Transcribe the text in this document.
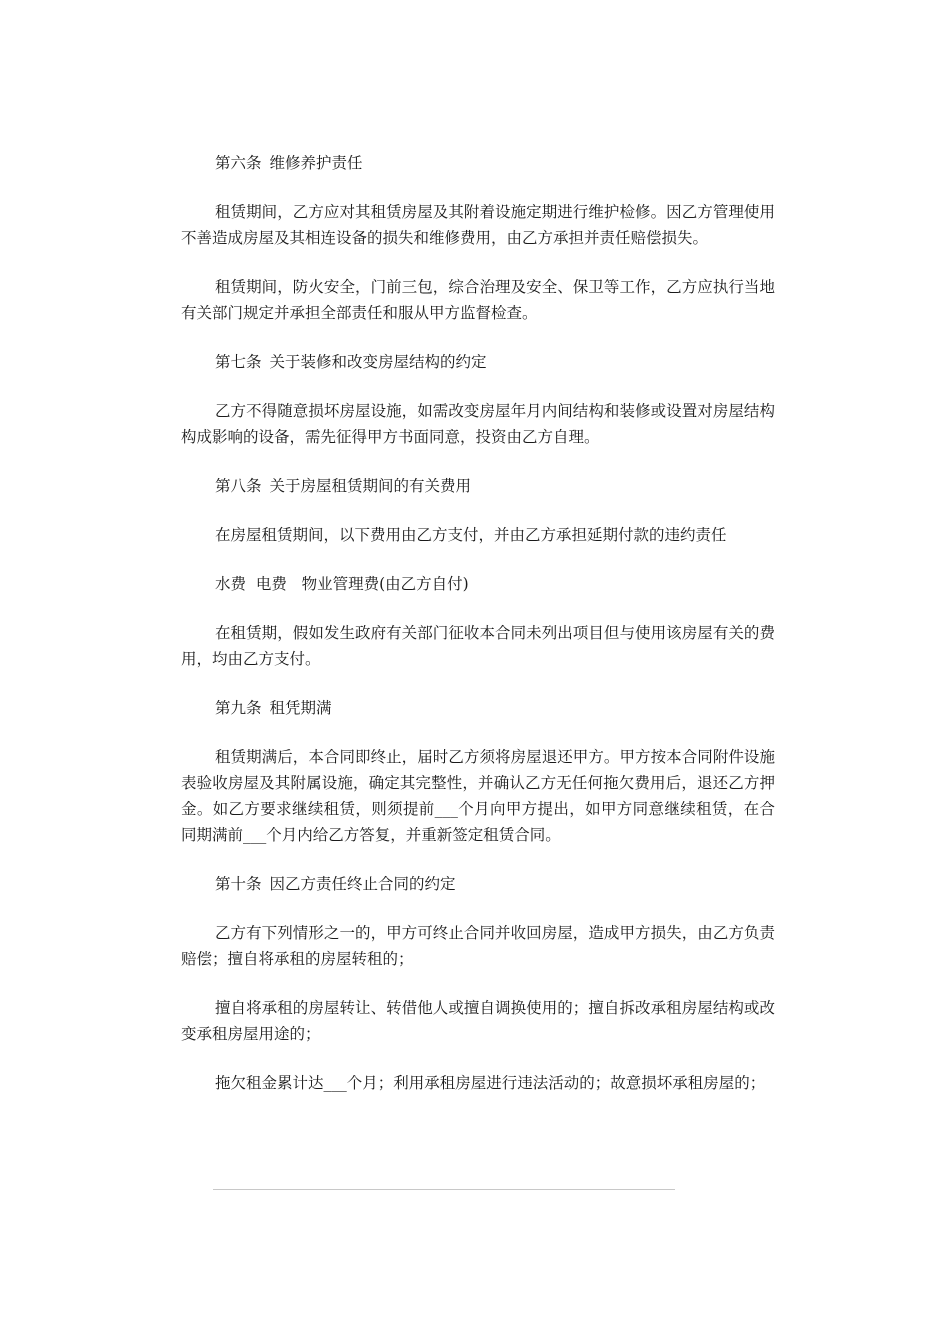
第六条 维修养护责任

租赁期间，乙方应对其租赁房屋及其附着设施定期进行维护检修。因乙方管理使用不善造成房屋及其相连设备的损失和维修费用，由乙方承担并责任赔偿损失。

租赁期间，防火安全，门前三包，综合治理及安全、保卫等工作，乙方应执行当地有关部门规定并承担全部责任和服从甲方监督检查。

第七条 关于装修和改变房屋结构的约定

乙方不得随意损坏房屋设施，如需改变房屋年月内间结构和装修或设置对房屋结构构成影响的设备，需先征得甲方书面同意，投资由乙方自理。

第八条 关于房屋租赁期间的有关费用

在房屋租赁期间，以下费用由乙方支付，并由乙方承担延期付款的违约责任

水费  电费   物业管理费(由乙方自付)

在租赁期，假如发生政府有关部门征收本合同未列出项目但与使用该房屋有关的费用，均由乙方支付。

第九条 租凭期满

租赁期满后，本合同即终止，届时乙方须将房屋退还甲方。甲方按本合同附件设施表验收房屋及其附属设施，确定其完整性，并确认乙方无任何拖欠费用后，退还乙方押金。如乙方要求继续租赁，则须提前___个月向甲方提出，如甲方同意继续租赁，在合同期满前___个月内给乙方答复，并重新签定租赁合同。

第十条 因乙方责任终止合同的约定

乙方有下列情形之一的，甲方可终止合同并收回房屋，造成甲方损失，由乙方负责赔偿；擅自将承租的房屋转租的；

擅自将承租的房屋转让、转借他人或擅自调换使用的；擅自拆改承租房屋结构或改变承租房屋用途的；

拖欠租金累计达___个月；利用承租房屋进行违法活动的；故意损坏承租房屋的；
